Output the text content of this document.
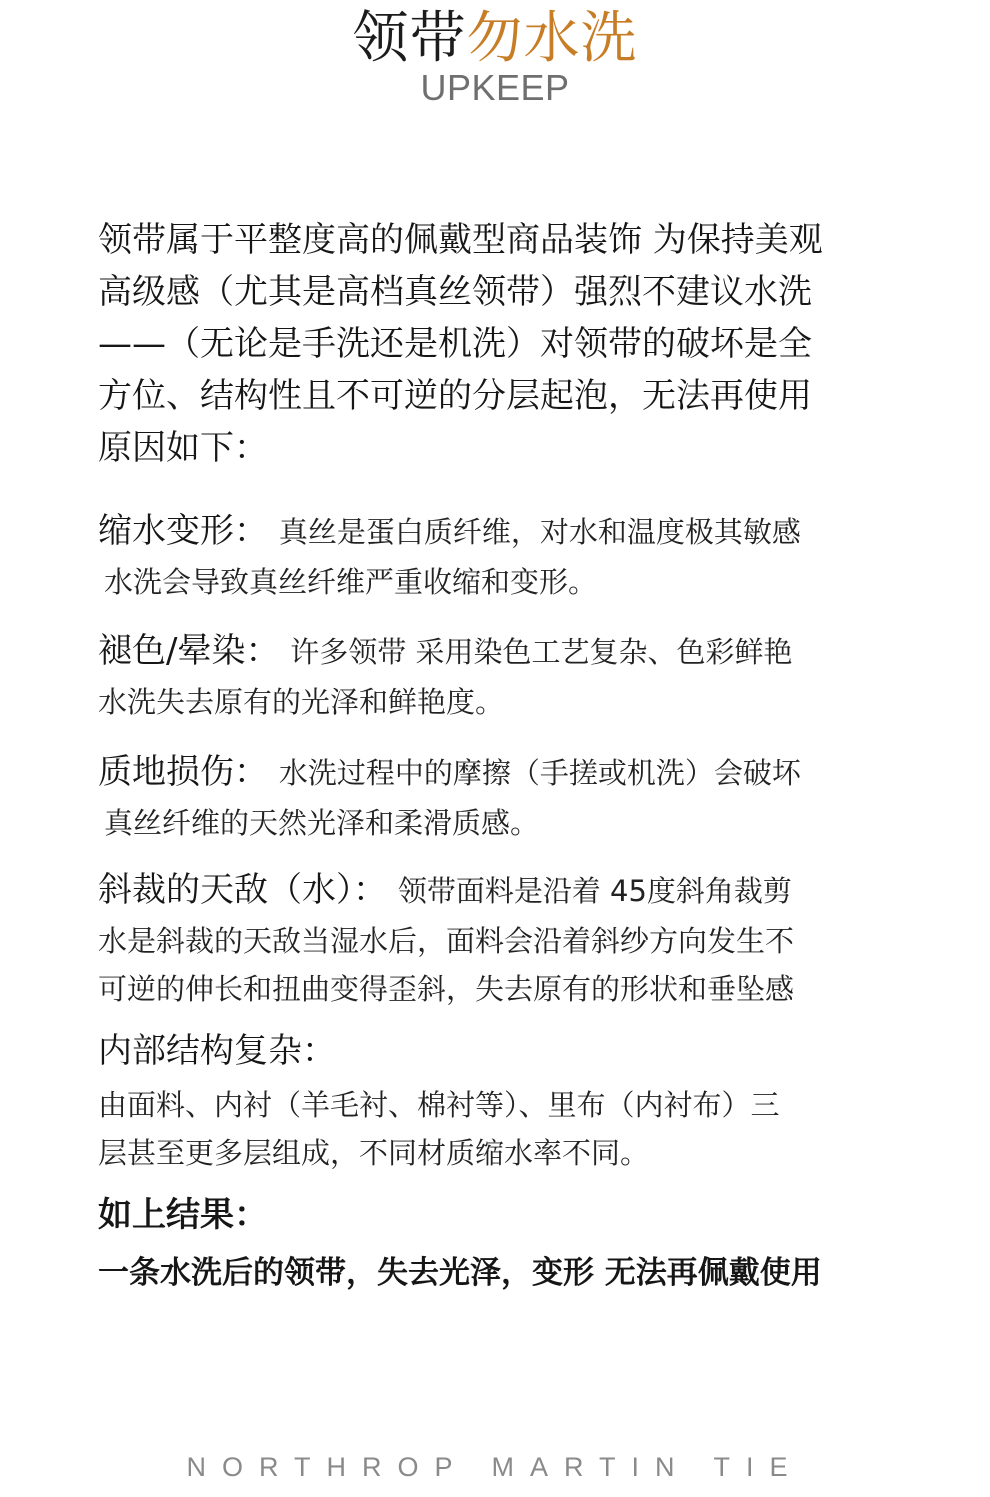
领带勿水洗
UPKEEP

领带属于平整度高的佩戴型商品装饰 为保持美观
高级感（尤其是高档真丝领带）强烈不建议水洗
——（无论是手洗还是机洗）对领带的破坏是全
方位、结构性且不可逆的分层起泡，无法再使用
原因如下：

缩水变形： 真丝是蛋白质纤维，对水和温度极其敏感
水洗会导致真丝纤维严重收缩和变形。
褪色/晕染： 许多领带 采用染色工艺复杂、色彩鲜艳
水洗失去原有的光泽和鲜艳度。
质地损伤： 水洗过程中的摩擦（手搓或机洗）会破坏
真丝纤维的天然光泽和柔滑质感。
斜裁的天敌（水）： 领带面料是沿着 45度斜角裁剪
水是斜裁的天敌当湿水后，面料会沿着斜纱方向发生不
可逆的伸长和扭曲变得歪斜，失去原有的形状和垂坠感
内部结构复杂：
由面料、内衬（羊毛衬、棉衬等）、里布（内衬布）三
层甚至更多层组成，不同材质缩水率不同。
如上结果：
一条水洗后的领带，失去光泽，变形 无法再佩戴使用
NORTHROP MARTIN TIE
